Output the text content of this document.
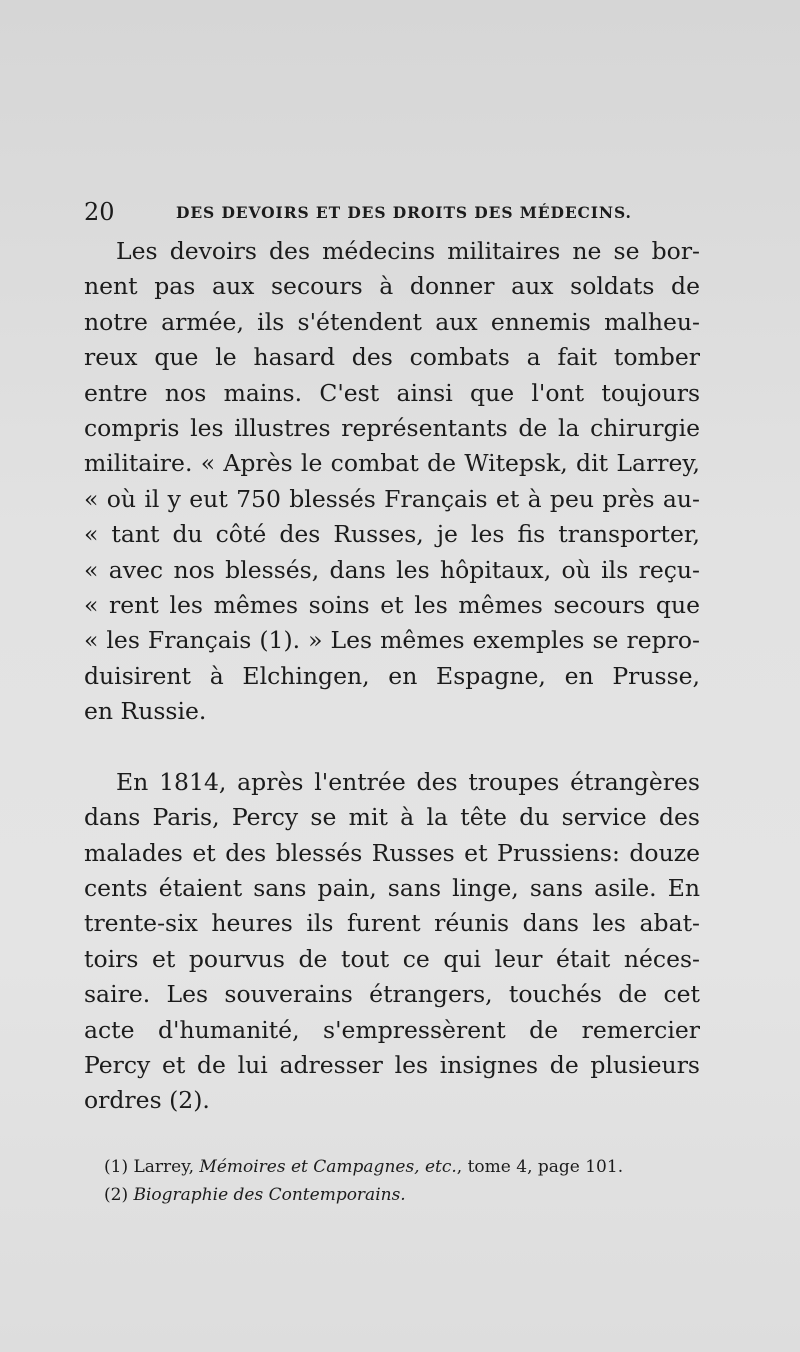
20	DES DEVOIRS ET DES DROITS DES MÉDECINS.

Les devoirs des médecins militaires ne se bor-
nent pas aux secours à donner aux soldats de
notre armée, ils s'étendent aux ennemis malheu-
reux que le hasard des combats a fait tomber
entre nos mains. C'est ainsi que l'ont toujours
compris les illustres représentants de la chirurgie
militaire. « Après le combat de Witepsk, dit Larrey,
« où il y eut 750 blessés Français et à peu près au-
« tant du côté des Russes, je les fis transporter,
« avec nos blessés, dans les hôpitaux, où ils reçu-
« rent les mêmes soins et les mêmes secours que
« les Français (1). » Les mêmes exemples se repro-
duisirent à Elchingen, en Espagne, en Prusse,
en Russie.

En 1814, après l'entrée des troupes étrangères
dans Paris, Percy se mit à la tête du service des
malades et des blessés Russes et Prussiens: douze
cents étaient sans pain, sans linge, sans asile. En
trente-six heures ils furent réunis dans les abat-
toirs et pourvus de tout ce qui leur était néces-
saire. Les souverains étrangers, touchés de cet
acte d'humanité, s'empressèrent de remercier
Percy et de lui adresser les insignes de plusieurs
ordres (2).

(1) Larrey, Mémoires et Campagnes, etc., tome 4, page 101.
(2) Biographie des Contemporains.
